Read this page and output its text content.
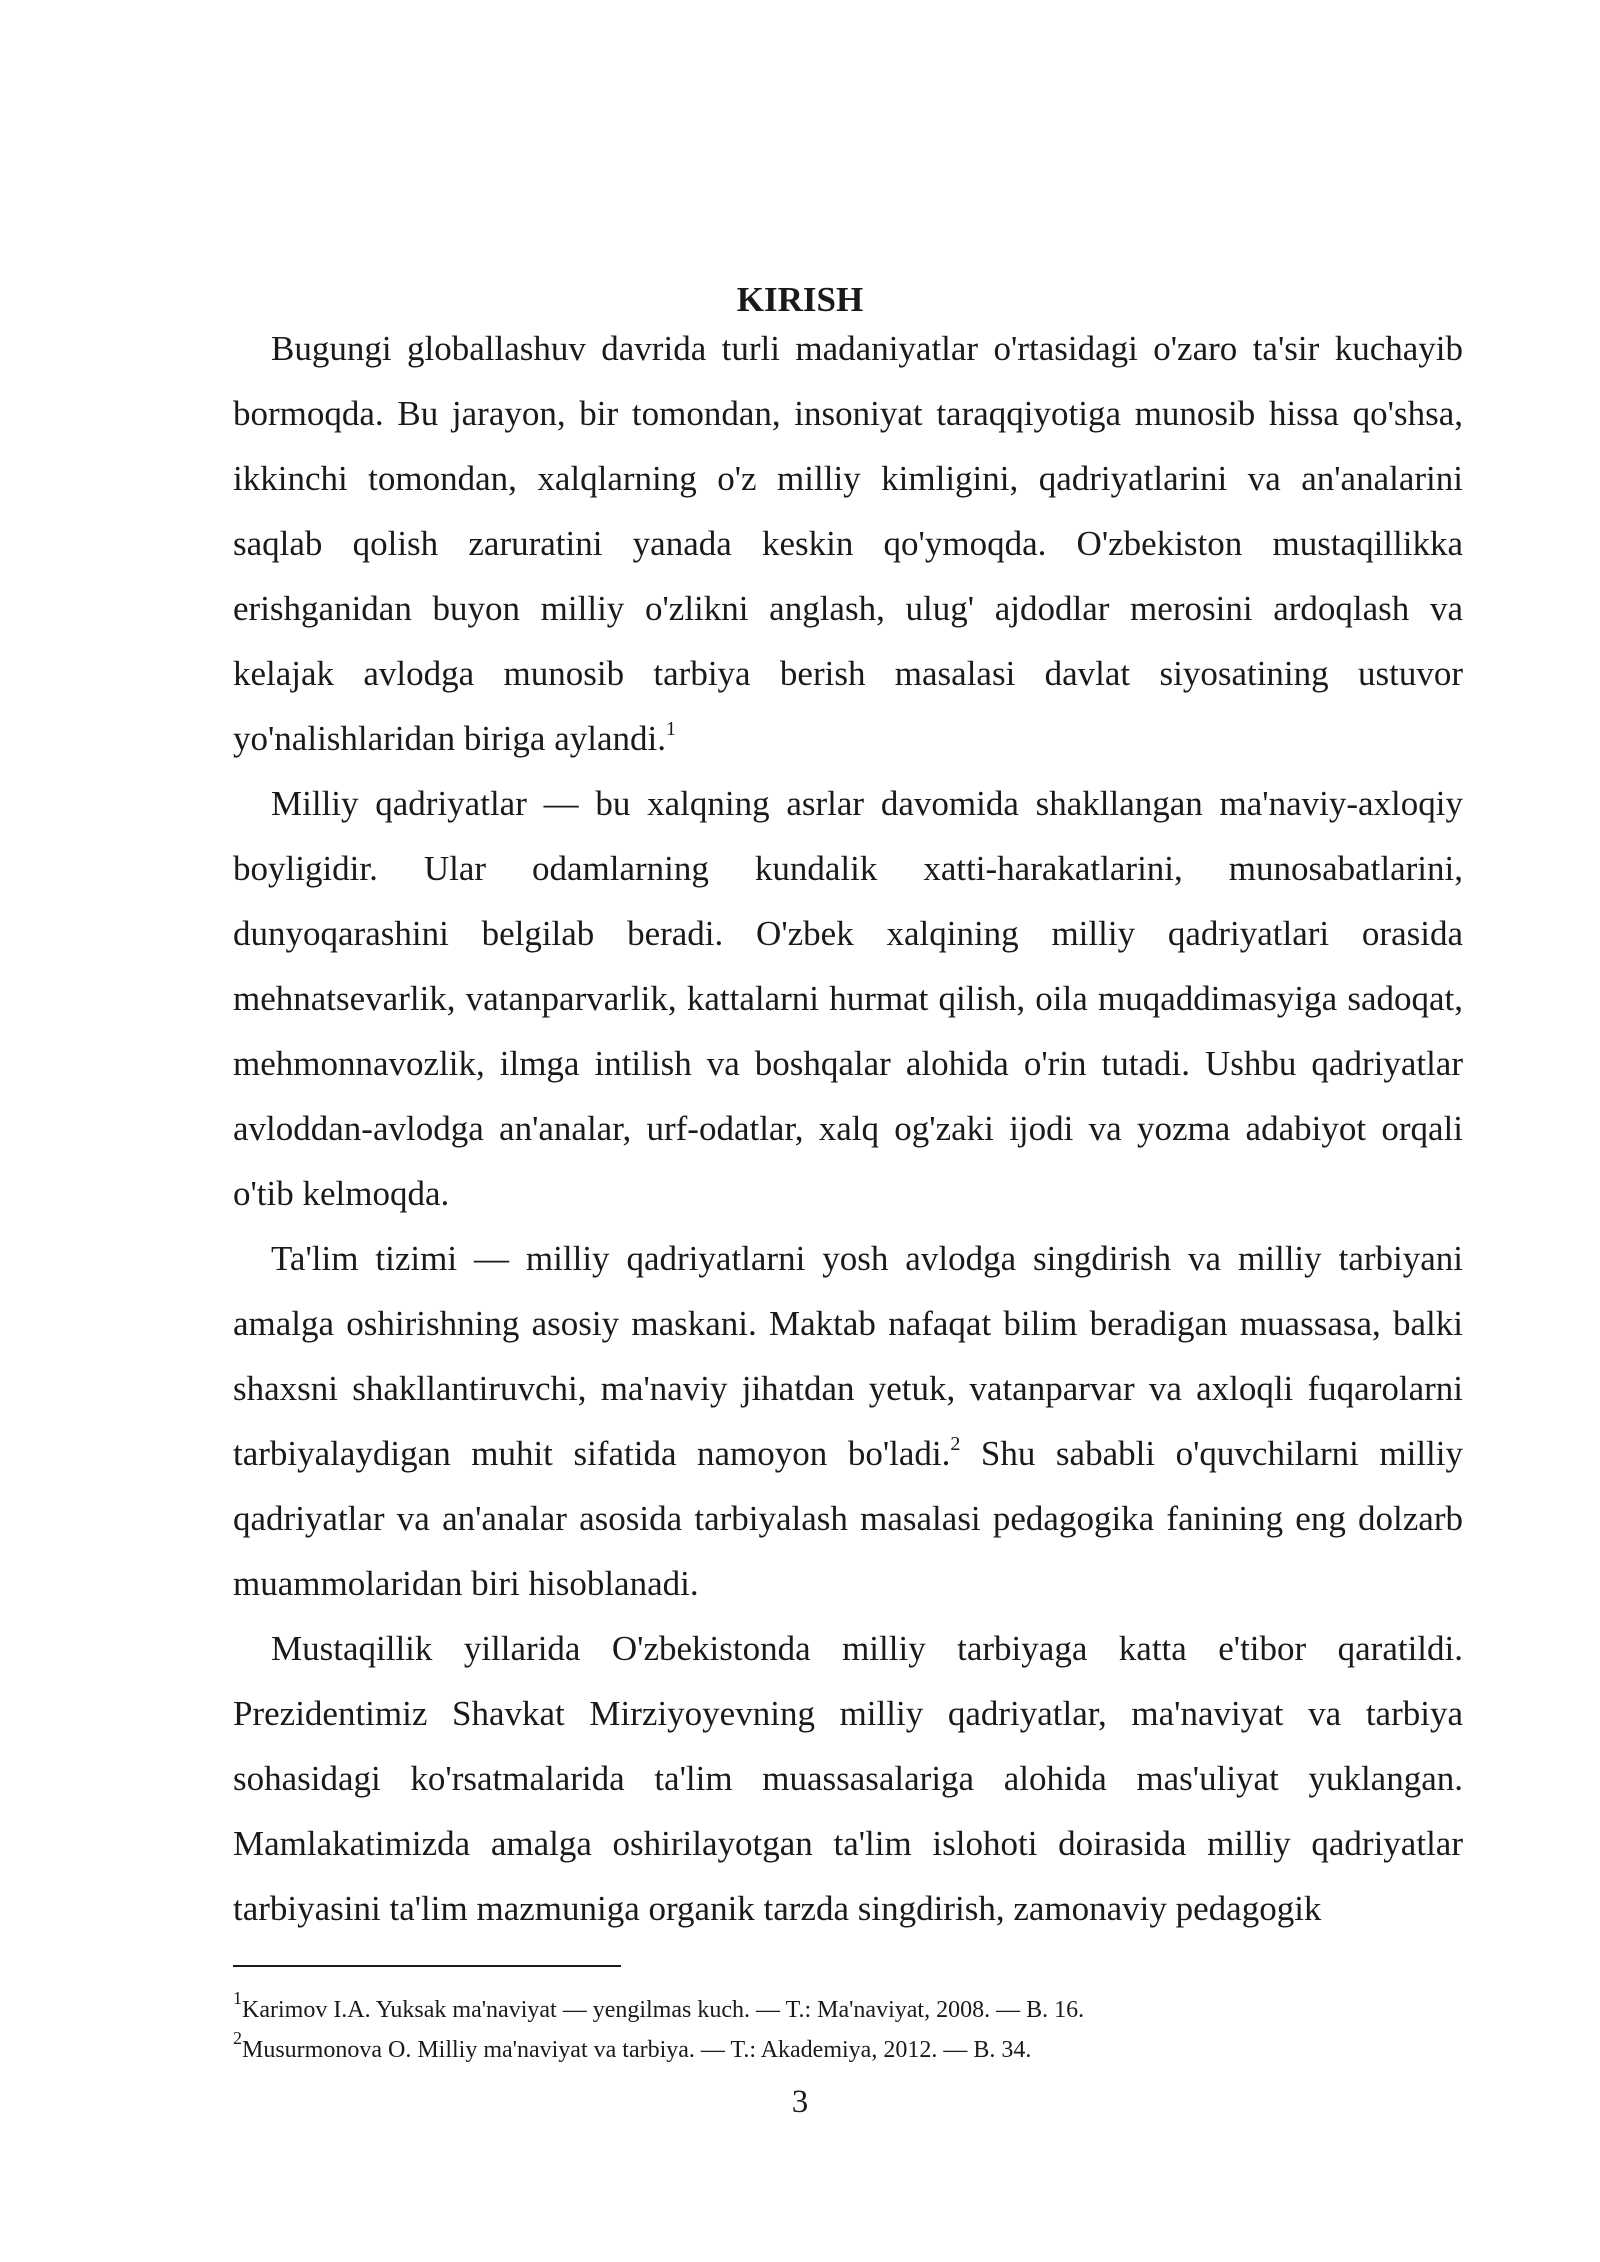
KIRISH

Bugungi globallashuv davrida turli madaniyatlar o'rtasidagi o'zaro ta'sir kuchayib bormoqda. Bu jarayon, bir tomondan, insoniyat taraqqiyotiga munosib hissa qo'shsa, ikkinchi tomondan, xalqlarning o'z milliy kimligini, qadriyatlarini va an'analarini saqlab qolish zaruratini yanada keskin qo'ymoqda. O'zbekiston mustaqillikka erishganidan buyon milliy o'zlikni anglash, ulug' ajdodlar merosini ardoqlash va kelajak avlodga munosib tarbiya berish masalasi davlat siyosatining ustuvor yo'nalishlaridan biriga aylandi.$^1$

Milliy qadriyatlar — bu xalqning asrlar davomida shakllangan ma'naviy-axloqiy boyligidir. Ular odamlarning kundalik xatti-harakatlarini, munosabatlarini, dunyoqarashini belgilab beradi. O'zbek xalqining milliy qadriyatlari orasida mehnatsevarlik, vatanparvarlik, kattalarni hurmat qilish, oila muqaddimasyiga sadoqat, mehmonnavozlik, ilmga intilish va boshqalar alohida o'rin tutadi. Ushbu qadriyatlar avloddan-avlodga an'analar, urf-odatlar, xalq og'zaki ijodi va yozma adabiyot orqali o'tib kelmoqda.

Ta'lim tizimi — milliy qadriyatlarni yosh avlodga singdirish va milliy tarbiyani amalga oshirishning asosiy maskani. Maktab nafaqat bilim beradigan muassasa, balki shaxsni shakllantiruvchi, ma'naviy jihatdan yetuk, vatanparvar va axloqli fuqarolarni tarbiyalaydigan muhit sifatida namoyon bo'ladi.$^2$ Shu sababli o'quvchilarni milliy qadriyatlar va an'analar asosida tarbiyalash masalasi pedagogika fanining eng dolzarb muammolaridan biri hisoblanadi.

Mustaqillik yillarida O'zbekistonda milliy tarbiyaga katta e'tibor qaratildi. Prezidentimiz Shavkat Mirziyoyevning milliy qadriyatlar, ma'naviyat va tarbiya sohasidagi ko'rsatmalarida ta'lim muassasalariga alohida mas'uliyat yuklangan. Mamlakatimizda amalga oshirilayotgan ta'lim islohoti doirasida milliy qadriyatlar tarbiyasini ta'lim mazmuniga organik tarzda singdirish, zamonaviy pedagogik

$^1$Karimov I.A. Yuksak ma'naviyat — yengilmas kuch. — T.: Ma'naviyat, 2008. — B. 16.

$^2$Musurmonova O. Milliy ma'naviyat va tarbiya. — T.: Akademiya, 2012. — B. 34.

3
